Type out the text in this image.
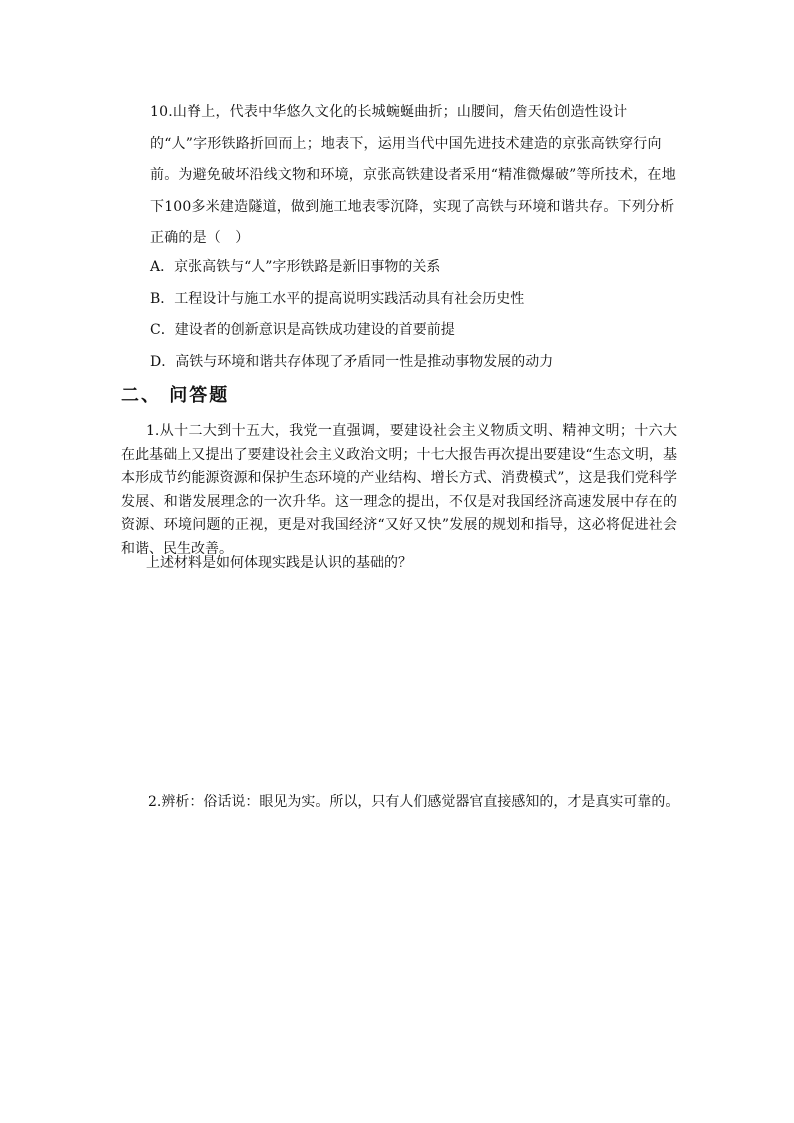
10.山脊上，代表中华悠久文化的长城蜿蜒曲折；山腰间，詹天佑创造性设计的“人”字形铁路折回而上；地表下，运用当代中国先进技术建造的京张高铁穿行向前。为避免破坏沿线文物和环境，京张高铁建设者采用“精准微爆破”等所技术，在地下100多米建造隧道，做到施工地表零沉降，实现了高铁与环境和谐共存。下列分析正确的是（　）
A．京张高铁与“人”字形铁路是新旧事物的关系
B．工程设计与施工水平的提高说明实践活动具有社会历史性
C．建设者的创新意识是高铁成功建设的首要前提
D．高铁与环境和谐共存体现了矛盾同一性是推动事物发展的动力
二、 问答题
1.从十二大到十五大，我党一直强调，要建设社会主义物质文明、精神文明；十六大在此基础上又提出了要建设社会主义政治文明；十七大报告再次提出要建设“生态文明，基本形成节约能源资源和保护生态环境的产业结构、增长方式、消费模式”，这是我们党科学发展、和谐发展理念的一次升华。这一理念的提出，不仅是对我国经济高速发展中存在的资源、环境问题的正视，更是对我国经济“又好又快”发展的规划和指导，这必将促进社会和谐、民生改善。
上述材料是如何体现实践是认识的基础的？
2.辨析：俗话说：眼见为实。所以，只有人们感觉器官直接感知的，才是真实可靠的。
